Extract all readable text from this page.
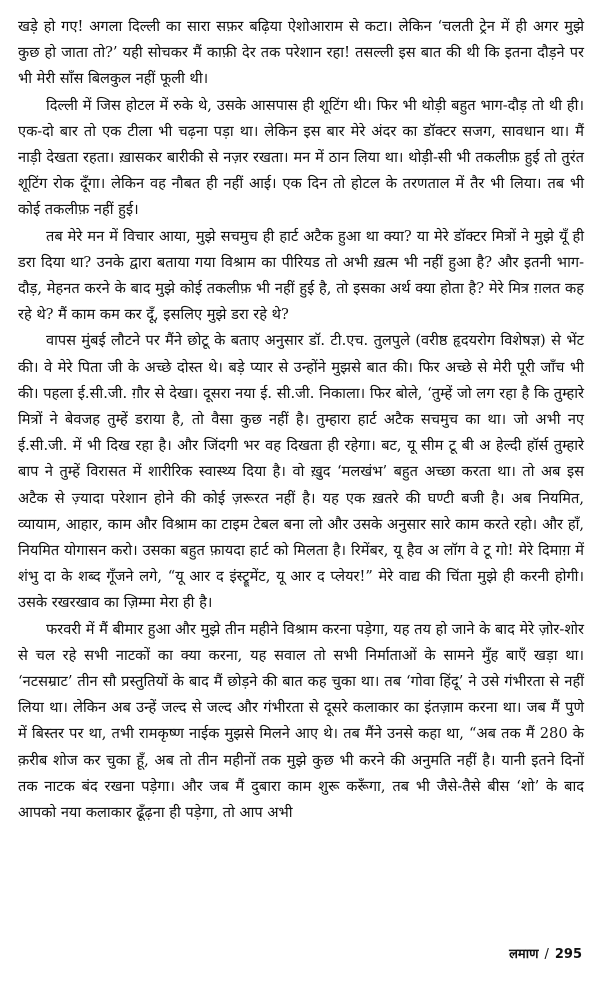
खड़े हो गए! अगला दिल्ली का सारा सफ़र बढ़िया ऐशोआराम से कटा। लेकिन ‘चलती ट्रेन में ही अगर मुझे कुछ हो जाता तो?’ यही सोचकर मैं काफ़ी देर तक परेशान रहा! तसल्ली इस बात की थी कि इतना दौड़ने पर भी मेरी साँस बिलकुल नहीं फूली थी।

दिल्ली में जिस होटल में रुके थे, उसके आसपास ही शूटिंग थी। फिर भी थोड़ी बहुत भाग-दौड़ तो थी ही। एक-दो बार तो एक टीला भी चढ़ना पड़ा था। लेकिन इस बार मेरे अंदर का डॉक्टर सजग, सावधान था। मैं नाड़ी देखता रहता। ख़ासकर बारीकी से नज़र रखता। मन में ठान लिया था। थोड़ी-सी भी तकलीफ़ हुई तो तुरंत शूटिंग रोक दूँगा। लेकिन वह नौबत ही नहीं आई। एक दिन तो होटल के तरणताल में तैर भी लिया। तब भी कोई तकलीफ़ नहीं हुई।

तब मेरे मन में विचार आया, मुझे सचमुच ही हार्ट अटैक हुआ था क्या? या मेरे डॉक्टर मित्रों ने मुझे यूँ ही डरा दिया था? उनके द्वारा बताया गया विश्राम का पीरियड तो अभी ख़त्म भी नहीं हुआ है? और इतनी भाग-दौड़, मेहनत करने के बाद मुझे कोई तकलीफ़ भी नहीं हुई है, तो इसका अर्थ क्या होता है? मेरे मित्र ग़लत कह रहे थे? मैं काम कम कर दूँ, इसलिए मुझे डरा रहे थे?

वापस मुंबई लौटने पर मैंने छोटू के बताए अनुसार डॉ. टी.एच. तुलपुले (वरीष्ठ हृदयरोग विशेषज्ञ) से भेंट की। वे मेरे पिता जी के अच्छे दोस्त थे। बड़े प्यार से उन्होंने मुझसे बात की। फिर अच्छे से मेरी पूरी जाँच भी की। पहला ई.सी.जी. ग़ौर से देखा। दूसरा नया ई. सी.जी. निकाला। फिर बोले, ‘तुम्हें जो लग रहा है कि तुम्हारे मित्रों ने बेवजह तुम्हें डराया है, तो वैसा कुछ नहीं है। तुम्हारा हार्ट अटैक सचमुच का था। जो अभी नए ई.सी.जी. में भी दिख रहा है। और जिंदगी भर वह दिखता ही रहेगा। बट, यू सीम टू बी अ हेल्दी हॉर्स तुम्हारे बाप ने तुम्हें विरासत में शारीरिक स्वास्थ्य दिया है। वो ख़ुद ‘मलखंभ’ बहुत अच्छा करता था। तो अब इस अटैक से ज़्यादा परेशान होने की कोई ज़रूरत नहीं है। यह एक ख़तरे की घण्टी बजी है। अब नियमित, व्यायाम, आहार, काम और विश्राम का टाइम टेबल बना लो और उसके अनुसार सारे काम करते रहो। और हाँ, नियमित योगासन करो। उसका बहुत फ़ायदा हार्ट को मिलता है। रिमेंबर, यू हैव अ लॉग वे टू गो! मेरे दिमाग़ में शंभु दा के शब्द गूँजने लगे, “यू आर द इंस्ट्रूमेंट, यू आर द प्लेयर!” मेरे वाद्य की चिंता मुझे ही करनी होगी। उसके रखरखाव का ज़िम्मा मेरा ही है।

फरवरी में मैं बीमार हुआ और मुझे तीन महीने विश्राम करना पड़ेगा, यह तय हो जाने के बाद मेरे ज़ोर-शोर से चल रहे सभी नाटकों का क्या करना, यह सवाल तो सभी निर्माताओं के सामने मुँह बाएँ खड़ा था। ‘नटसम्राट’ तीन सौ प्रस्तुतियों के बाद मैं छोड़ने की बात कह चुका था। तब ‘गोवा हिंदू’ ने उसे गंभीरता से नहीं लिया था। लेकिन अब उन्हें जल्द से जल्द और गंभीरता से दूसरे कलाकार का इंतज़ाम करना था। जब मैं पुणे में बिस्तर पर था, तभी रामकृष्ण नाईक मुझसे मिलने आए थे। तब मैंने उनसे कहा था, “अब तक मैं 280 के क़रीब शोज कर चुका हूँ, अब तो तीन महीनों तक मुझे कुछ भी करने की अनुमति नहीं है। यानी इतने दिनों तक नाटक बंद रखना पड़ेगा। और जब मैं दुबारा काम शुरू करूँगा, तब भी जैसे-तैसे बीस ‘शो’ के बाद आपको नया कलाकार ढूँढ़ना ही पड़ेगा, तो आप अभी

लमाण / 295
